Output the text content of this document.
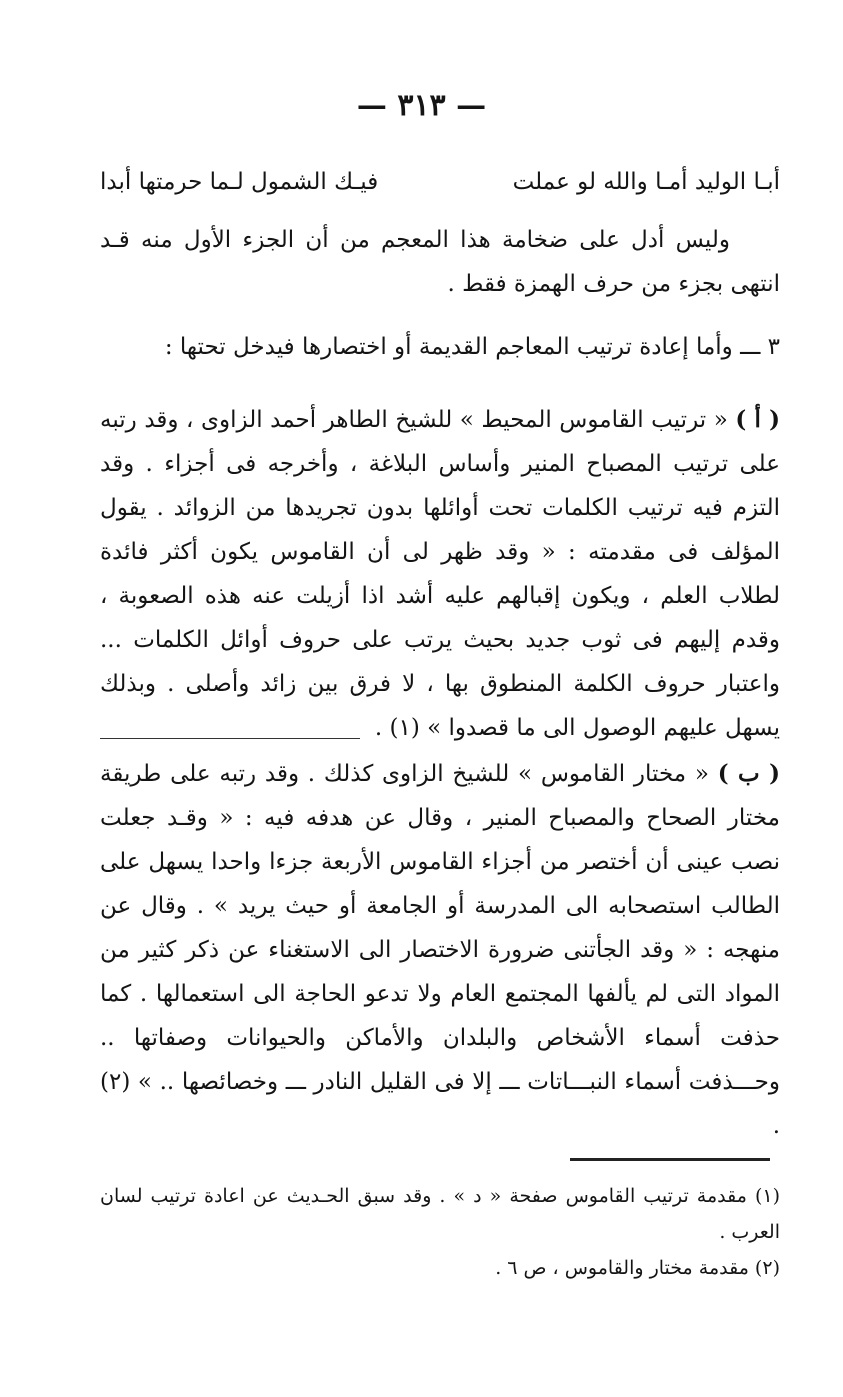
— ٣١٣ —
أبـا الوليد أمـا والله لو عملت
فيـك الشمول لـما حرمتها أبدا

وليس أدل على ضخامة هذا المعجم من أن الجزء الأول منه قـد

انتهى بجزء من حرف الهمزة فقط .

٣ ـــ وأما إعادة ترتيب المعاجم القديمة أو اختصارها فيدخل تحتها :

( أ ) « ترتيب القاموس المحيط » للشيخ الطاهر أحمد الزاوى ، وقد رتبه على ترتيب المصباح المنير وأساس البلاغة ، وأخرجه فى أجزاء . وقد التزم فيه ترتيب الكلمات تحت أوائلها بدون تجريدها من الزوائد . يقول المؤلف فى مقدمته : « وقد ظهر لى أن القاموس يكون أكثر فائدة لطلاب العلم ، ويكون إقبالهم عليه أشد اذا أزيلت عنه هذه الصعوبة ، وقدم إليهم فى ثوب جديد بحيث يرتب على حروف أوائل الكلمات ... واعتبار حروف الكلمة المنطوق بها ، لا فرق بين زائد وأصلى . وبذلك يسهل عليهم الوصول الى ما قصدوا » (١) .

( ب ) « مختار القاموس » للشيخ الزاوى كذلك . وقد رتبه على طريقة مختار الصحاح والمصباح المنير ، وقال عن هدفه فيه : « وقـد جعلت نصب عينى أن أختصر من أجزاء القاموس الأربعة جزءا واحدا يسهل على الطالب استصحابه الى المدرسة أو الجامعة أو حيث يريد » . وقال عن منهجه : « وقد الجأتنى ضرورة الاختصار الى الاستغناء عن ذكر كثير من المواد التى لم يألفها المجتمع العام ولا تدعو الحاجة الى استعمالها . كما حذفت أسماء الأشخاص والبلدان والأماكن والحيوانات وصفاتها .. وحـــذفت أسماء النبـــاتات ـــ إلا فى القليل النادر ـــ وخصائصها .. » (٢) .

(١) مقدمة ترتيب القاموس صفحة « د » . وقد سبق الحـديث عن اعادة ترتيب لسان العرب .

(٢) مقدمة مختار والقاموس ، ص ٦ .
